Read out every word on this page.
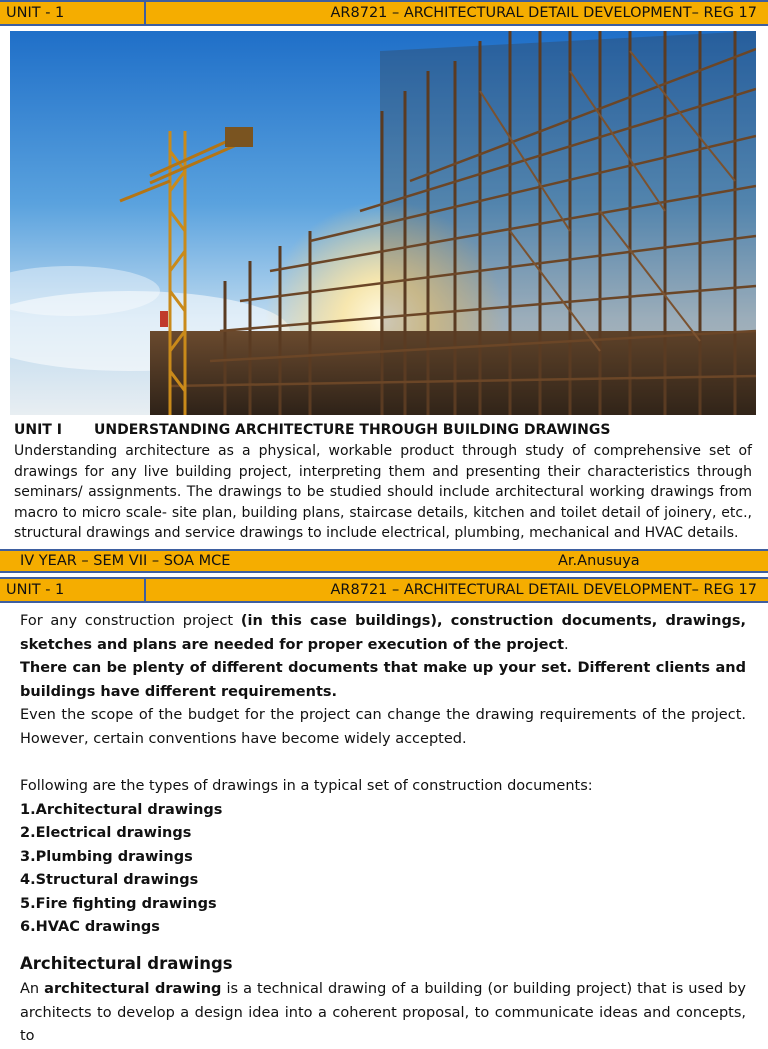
UNIT - 1	AR8721 – ARCHITECTURAL DETAIL DEVELOPMENT– REG 17
UNIT I UNDERSTANDING ARCHITECTURE THROUGH BUILDING DRAWINGS

Understanding architecture as a physical, workable product through study of comprehensive set of drawings for any live building project, interpreting them and presenting their characteristics through seminars/ assignments. The drawings to be studied should include architectural working drawings from macro to micro scale- site plan, building plans, staircase details, kitchen and toilet detail of joinery, etc., structural drawings and service drawings to include electrical, plumbing, mechanical and HVAC details.

IV YEAR – SEM VII – SOA MCE	Ar.Anusuya
UNIT - 1	AR8721 – ARCHITECTURAL DETAIL DEVELOPMENT– REG 17

For any construction project (in this case buildings), construction documents, drawings, sketches and plans are needed for proper execution of the project.

There can be plenty of different documents that make up your set. Different clients and buildings have different requirements.

Even the scope of the budget for the project can change the drawing requirements of the project. However, certain conventions have become widely accepted.

Following are the types of drawings in a typical set of construction documents:

1.Architectural drawings
2.Electrical drawings
3.Plumbing drawings
4.Structural drawings
5.Fire fighting drawings
6.HVAC drawings
Architectural drawings

An architectural drawing is a technical drawing of a building (or building project) that is used by architects to develop a design idea into a coherent proposal, to communicate ideas and concepts, to
